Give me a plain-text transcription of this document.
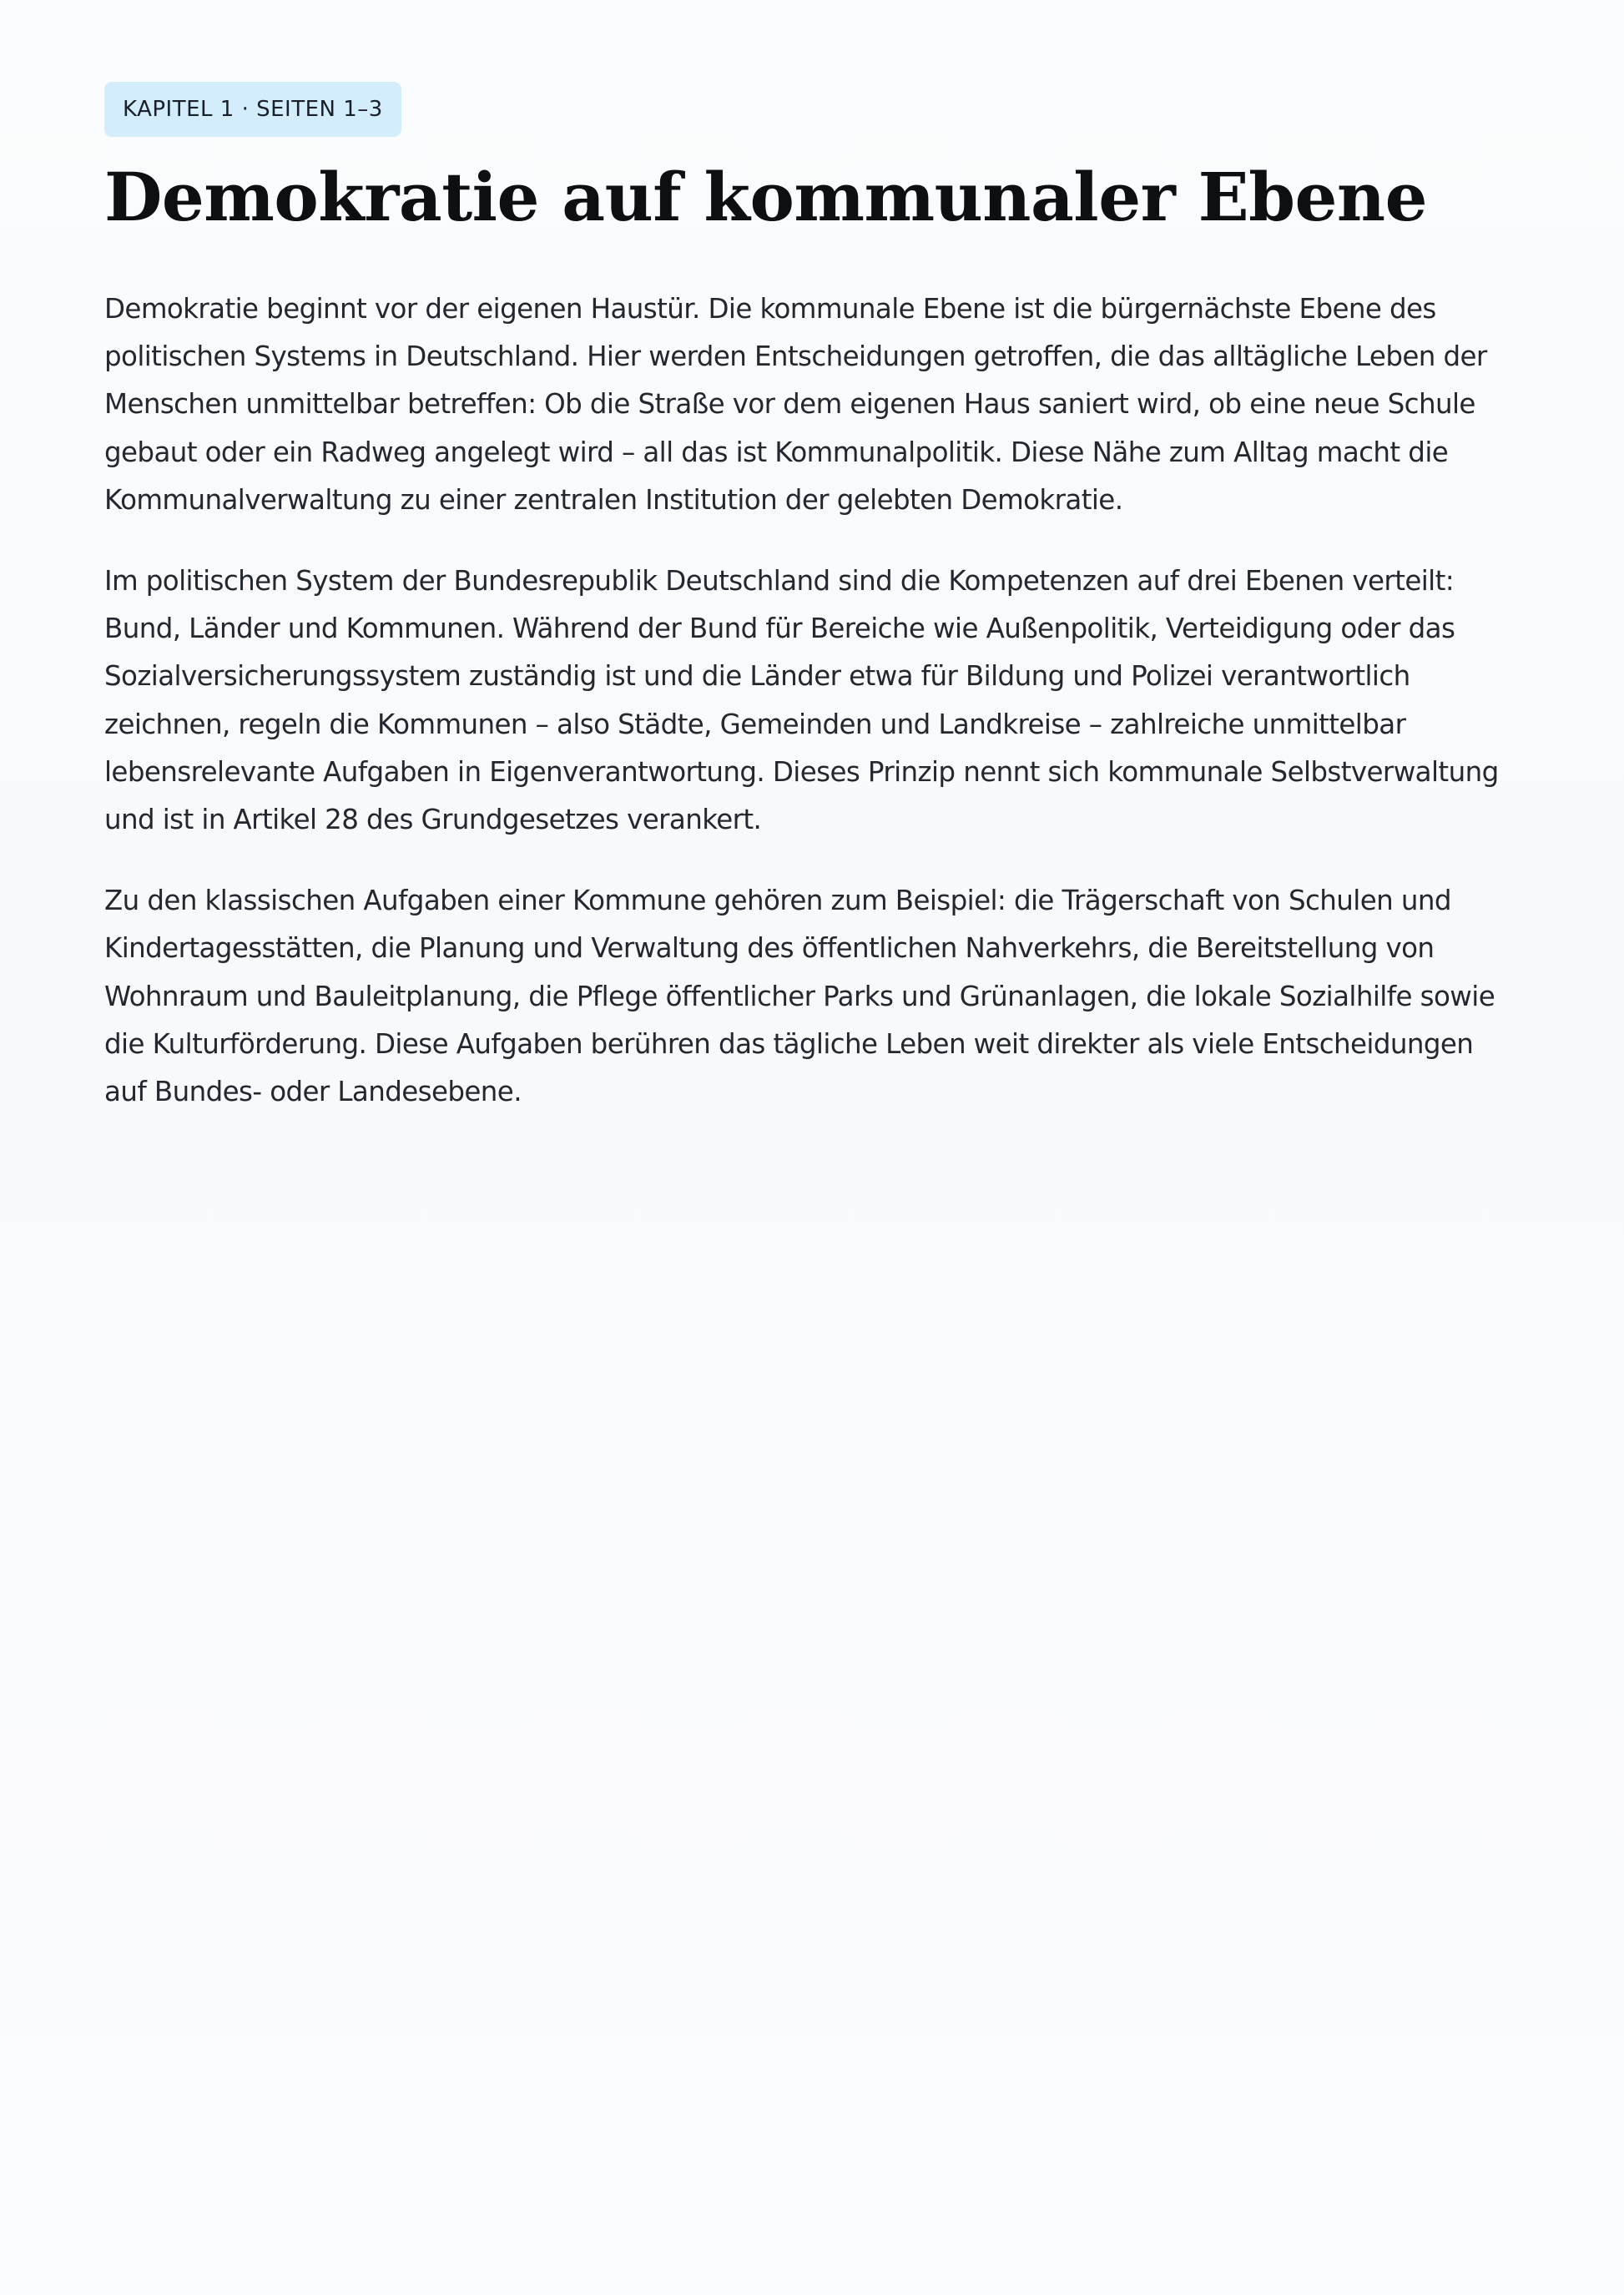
KAPITEL 1 · SEITEN 1–3
Demokratie auf kommunaler Ebene

Demokratie beginnt vor der eigenen Haustür. Die kommunale Ebene ist die bürgernächste Ebene des politischen Systems in Deutschland. Hier werden Entscheidungen getroffen, die das alltägliche Leben der Menschen unmittelbar betreffen: Ob die Straße vor dem eigenen Haus saniert wird, ob eine neue Schule gebaut oder ein Radweg angelegt wird – all das ist Kommunalpolitik. Diese Nähe zum Alltag macht die Kommunalverwaltung zu einer zentralen Institution der gelebten Demokratie.

Im politischen System der Bundesrepublik Deutschland sind die Kompetenzen auf drei Ebenen verteilt: Bund, Länder und Kommunen. Während der Bund für Bereiche wie Außenpolitik, Verteidigung oder das Sozialversicherungssystem zuständig ist und die Länder etwa für Bildung und Polizei verantwortlich zeichnen, regeln die Kommunen – also Städte, Gemeinden und Landkreise – zahlreiche unmittelbar lebensrelevante Aufgaben in Eigenverantwortung. Dieses Prinzip nennt sich kommunale Selbstverwaltung und ist in Artikel 28 des Grundgesetzes verankert.

Zu den klassischen Aufgaben einer Kommune gehören zum Beispiel: die Trägerschaft von Schulen und Kindertagesstätten, die Planung und Verwaltung des öffentlichen Nahverkehrs, die Bereitstellung von Wohnraum und Bauleitplanung, die Pflege öffentlicher Parks und Grünanlagen, die lokale Sozialhilfe sowie die Kulturförderung. Diese Aufgaben berühren das tägliche Leben weit direkter als viele Entscheidungen auf Bundes- oder Landesebene.
